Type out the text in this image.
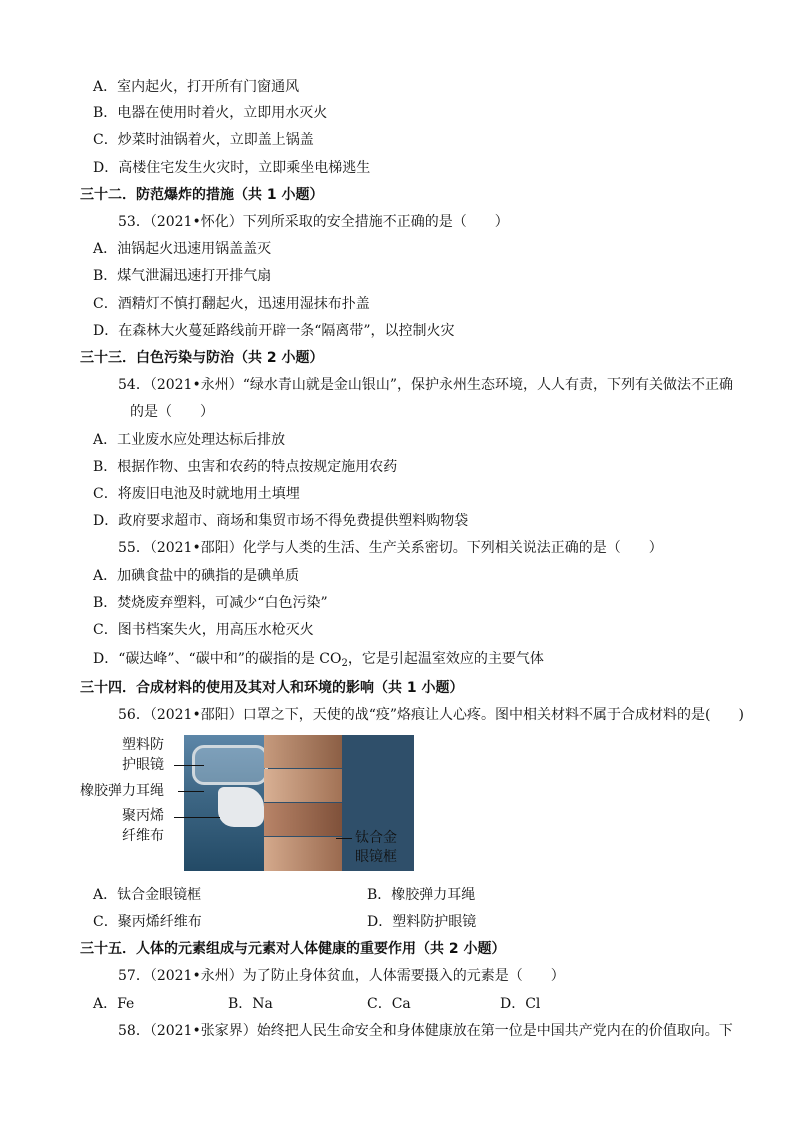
A．室内起火，打开所有门窗通风
B．电器在使用时着火，立即用水灭火
C．炒菜时油锅着火，立即盖上锅盖
D．高楼住宅发生火灾时，立即乘坐电梯逃生
三十二．防范爆炸的措施（共 1 小题）
53．（2021•怀化）下列所采取的安全措施不正确的是（　　）
A．油锅起火迅速用锅盖盖灭
B．煤气泄漏迅速打开排气扇
C．酒精灯不慎打翻起火，迅速用湿抹布扑盖
D．在森林大火蔓延路线前开辟一条“隔离带”，以控制火灾
三十三．白色污染与防治（共 2 小题）
54．（2021•永州）“绿水青山就是金山银山”，保护永州生态环境，人人有责，下列有关做法不正确
的是（　　）
A．工业废水应处理达标后排放
B．根据作物、虫害和农药的特点按规定施用农药
C．将废旧电池及时就地用土填埋
D．政府要求超市、商场和集贸市场不得免费提供塑料购物袋
55．（2021•邵阳）化学与人类的生活、生产关系密切。下列相关说法正确的是（　　）
A．加碘食盐中的碘指的是碘单质
B．焚烧废弃塑料，可减少“白色污染”
C．图书档案失火，用高压水枪灭火
D．“碳达峰”、“碳中和”的碳指的是 $CO_2$，它是引起温室效应的主要气体
三十四．合成材料的使用及其对人和环境的影响（共 1 小题）
56．（2021•邵阳）口罩之下，天使的战“疫”烙痕让人心疼。图中相关材料不属于合成材料的是(　　)
塑料防
护眼镜
橡胶弹力耳绳
聚丙烯
纤维布	钛合金
眼镜框
A．钛合金眼镜框	B．橡胶弹力耳绳
C．聚丙烯纤维布	D．塑料防护眼镜
三十五．人体的元素组成与元素对人体健康的重要作用（共 2 小题）
57．（2021•永州）为了防止身体贫血，人体需要摄入的元素是（　　）
A．Fe	B．Na	C．Ca	D．Cl
58．（2021•张家界）始终把人民生命安全和身体健康放在第一位是中国共产党内在的价值取向。下
